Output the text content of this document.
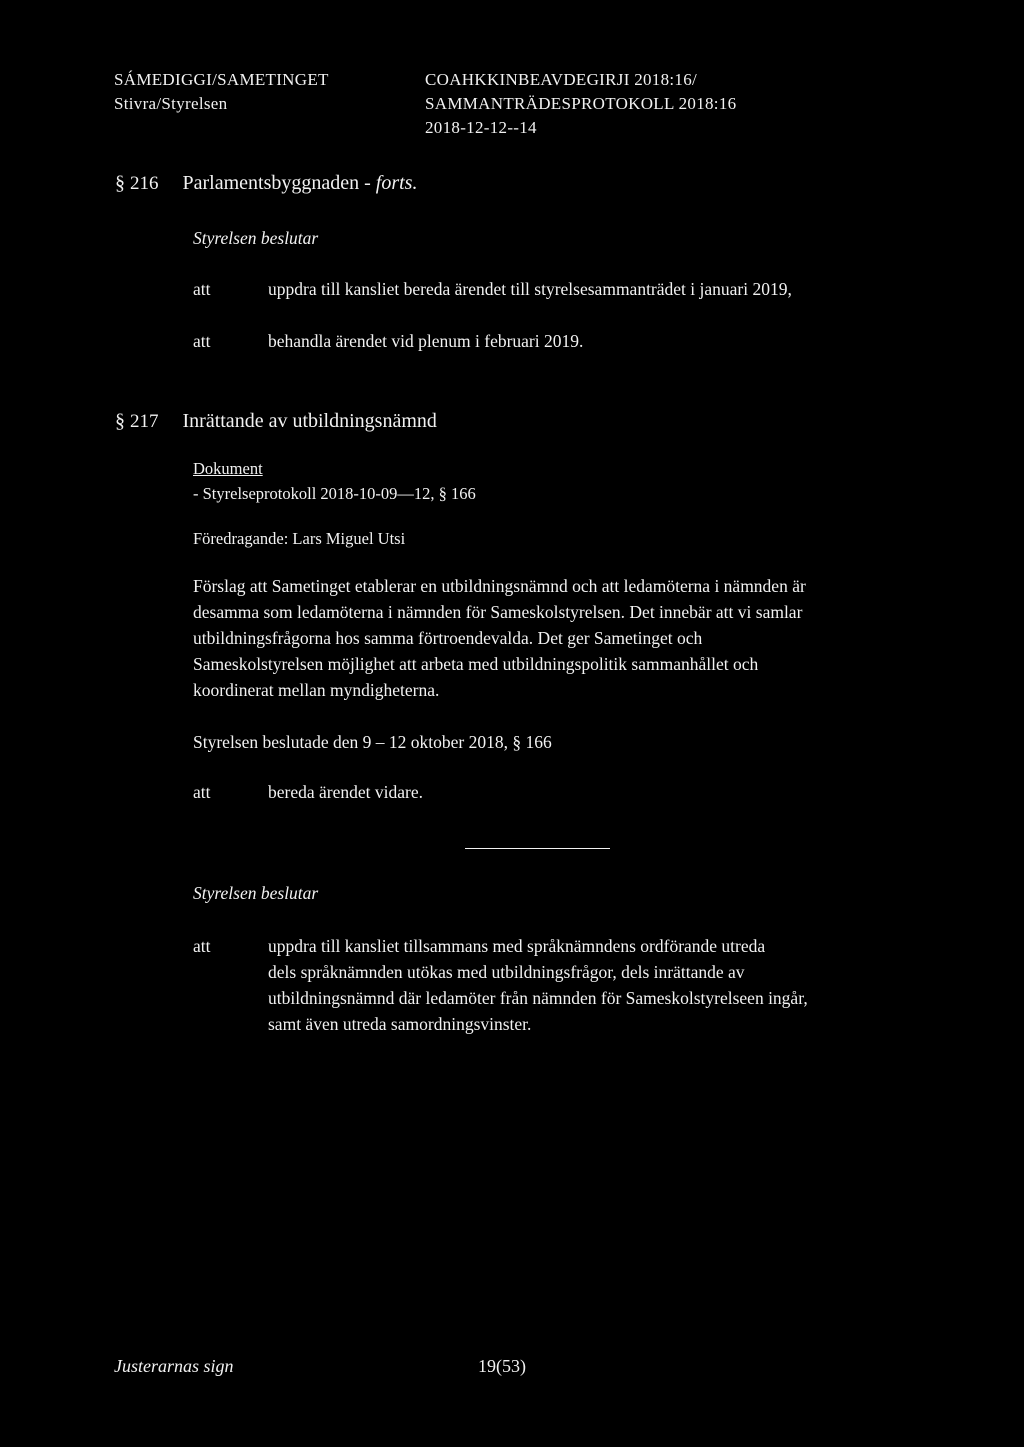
SÁMEDIGGI/SAMETINGET
Stivra/Styrelsen
COAHKKINBEAVDEGIRJI 2018:16/
SAMMANTRÄDESPROTOKOLL 2018:16
2018-12-12--14
§ 216 Parlamentsbyggnaden - forts.
Styrelsen beslutar
att	uppdra till kansliet bereda ärendet till styrelsesammanträdet i januari 2019,
att	behandla ärendet vid plenum i februari 2019.
§ 217 Inrättande av utbildningsnämnd
Dokument
- Styrelseprotokoll 2018-10-09—12, § 166
Föredragande: Lars Miguel Utsi
Förslag att Sametinget etablerar en utbildningsnämnd och att ledamöterna i nämnden är
desamma som ledamöterna i nämnden för Sameskolstyrelsen. Det innebär att vi samlar
utbildningsfrågorna hos samma förtroendevalda. Det ger Sametinget och
Sameskolstyrelsen möjlighet att arbeta med utbildningspolitik sammanhållet och
koordinerat mellan myndigheterna.
Styrelsen beslutade den 9 – 12 oktober 2018, § 166
att	bereda ärendet vidare.
Styrelsen beslutar
att	uppdra till kansliet tillsammans med språknämndens ordförande utreda
dels språknämnden utökas med utbildningsfrågor, dels inrättande av
utbildningsnämnd där ledamöter från nämnden för Sameskolstyrelseen ingår,
samt även utreda samordningsvinster.
Justerarnas sign	19(53)
